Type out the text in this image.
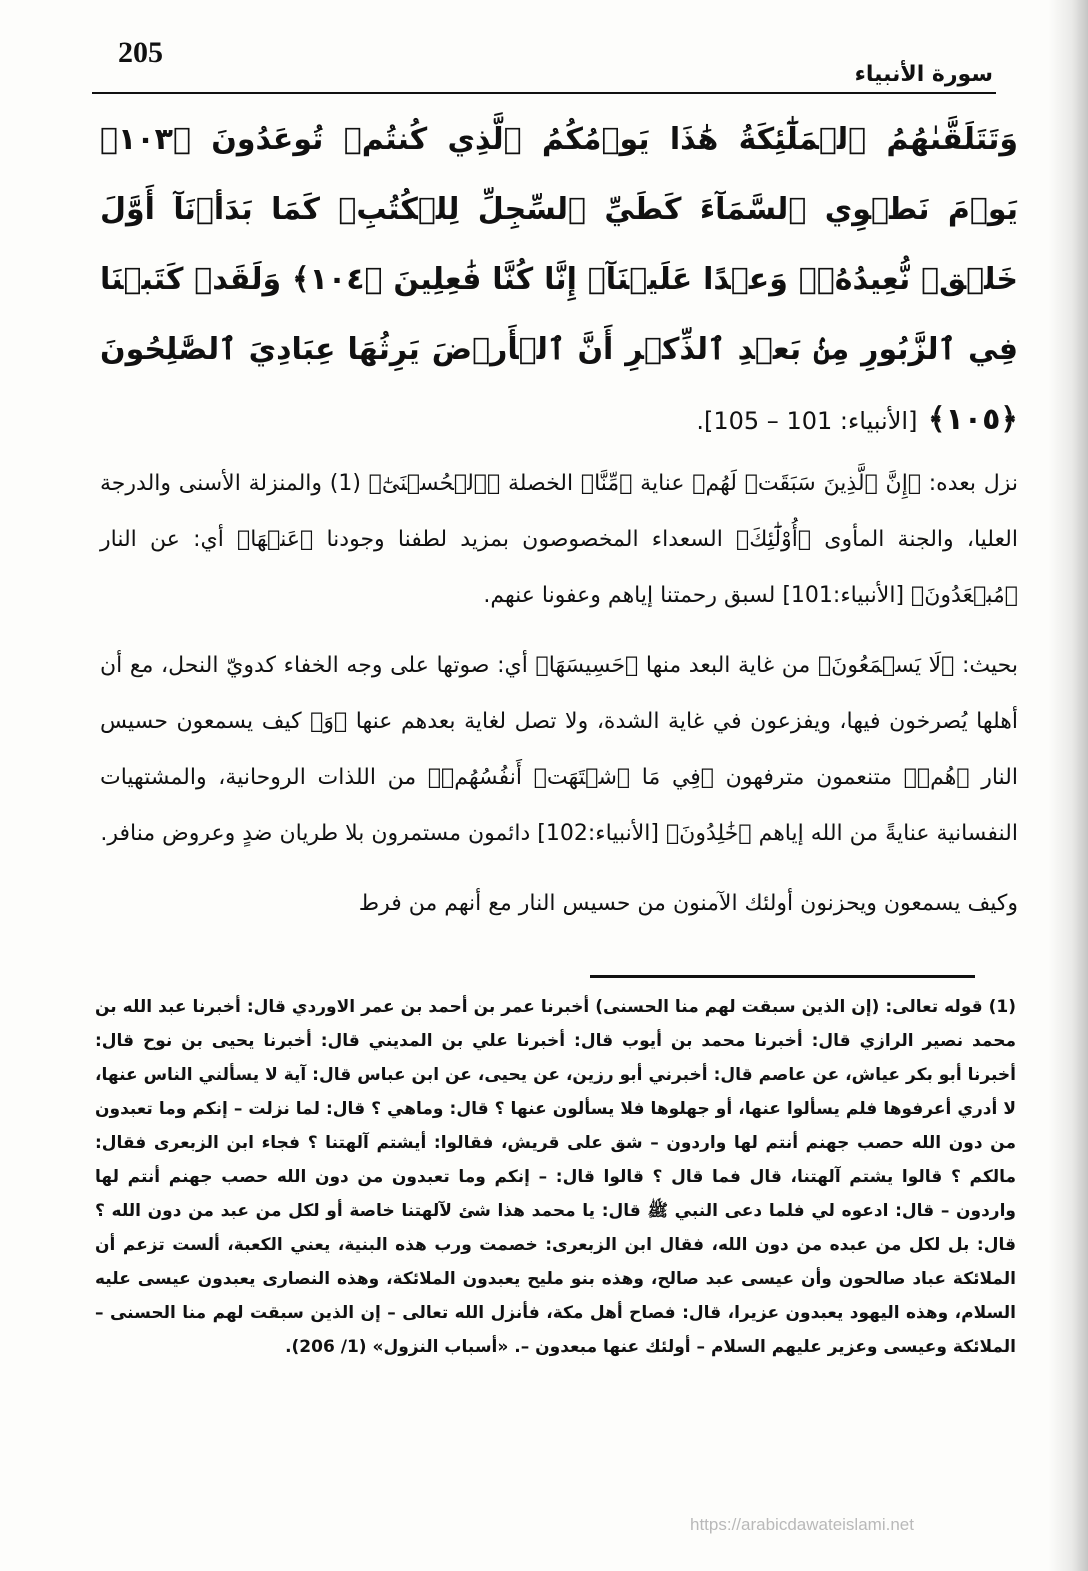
205
سورة الأنبياء
وَتَتَلَقَّىٰهُمُ ٱلۡمَلَٰٓئِكَةُ هَٰذَا يَوۡمُكُمُ ٱلَّذِي كُنتُمۡ تُوعَدُونَ ﴿١٠٣﴾ يَوۡمَ نَطۡوِي ٱلسَّمَآءَ كَطَيِّ ٱلسِّجِلِّ لِلۡكُتُبِۚ كَمَا بَدَأۡنَآ أَوَّلَ خَلۡقٖ نُّعِيدُهُۥۚ وَعۡدًا عَلَيۡنَآۚ إِنَّا كُنَّا فَٰعِلِينَ ﴿١٠٤﴾ وَلَقَدۡ كَتَبۡنَا فِي ٱلزَّبُورِ مِنۢ بَعۡدِ ٱلذِّكۡرِ أَنَّ ٱلۡأَرۡضَ يَرِثُهَا عِبَادِيَ ٱلصَّٰلِحُونَ ﴿١٠٥﴾ [الأنبياء: 101 – 105].

نزل بعده: ﴿إِنَّ ٱلَّذِينَ سَبَقَتۡ لَهُم﴾ عناية ﴿مِّنَّا﴾ الخصلة ﴿ٱلۡحُسۡنَىٰٓ﴾ (1) والمنزلة الأسنى والدرجة العليا، والجنة المأوى ﴿أُوْلَٰٓئِكَ﴾ السعداء المخصوصون بمزيد لطفنا وجودنا ﴿عَنۡهَا﴾ أي: عن النار ﴿مُبۡعَدُونَ﴾ [الأنبياء:101] لسبق رحمتنا إياهم وعفونا عنهم.

بحيث: ﴿لَا يَسۡمَعُونَ﴾ من غاية البعد منها ﴿حَسِيسَهَا﴾ أي: صوتها على وجه الخفاء كدويّ النحل، مع أن أهلها يُصرخون فيها، ويفزعون في غاية الشدة، ولا تصل لغاية بعدهم عنها ﴿وَ﴾ كيف يسمعون حسيس النار ﴿هُمۡ﴾ متنعمون مترفهون ﴿فِي مَا ٱشۡتَهَتۡ أَنفُسُهُمۡ﴾ من اللذات الروحانية، والمشتهيات النفسانية عنايةً من الله إياهم ﴿خَٰلِدُونَ﴾ [الأنبياء:102] دائمون مستمرون بلا طريان ضدٍ وعروض منافر.

وكيف يسمعون ويحزنون أولئك الآمنون من حسيس النار مع أنهم من فرط

(1) قوله تعالى: (إن الذين سبقت لهم منا الحسنى) أخبرنا عمر بن أحمد بن عمر الاوردي قال: أخبرنا عبد الله بن محمد نصير الرازي قال: أخبرنا محمد بن أيوب قال: أخبرنا علي بن المديني قال: أخبرنا يحيى بن نوح قال: أخبرنا أبو بكر عياش، عن عاصم قال: أخبرني أبو رزين، عن يحيى، عن ابن عباس قال: آية لا يسألني الناس عنها، لا أدري أعرفوها فلم يسألوا عنها، أو جهلوها فلا يسألون عنها ؟ قال: وماهي ؟ قال: لما نزلت – إنكم وما تعبدون من دون الله حصب جهنم أنتم لها واردون – شق على قريش، فقالوا: أيشتم آلهتنا ؟ فجاء ابن الزبعرى فقال: مالكم ؟ قالوا يشتم آلهتنا، قال فما قال ؟ قالوا قال: – إنكم وما تعبدون من دون الله حصب جهنم أنتم لها واردون – قال: ادعوه لي فلما دعى النبي ﷺ قال: يا محمد هذا شئ لآلهتنا خاصة أو لكل من عبد من دون الله ؟ قال: بل لكل من عبده من دون الله، فقال ابن الزبعرى: خصمت ورب هذه البنية، يعني الكعبة، ألست تزعم أن الملائكة عباد صالحون وأن عيسى عبد صالح، وهذه بنو مليح يعبدون الملائكة، وهذه النصارى يعبدون عيسى عليه السلام، وهذه اليهود يعبدون عزيرا، قال: فصاح أهل مكة، فأنزل الله تعالى – إن الذين سبقت لهم منا الحسنى – الملائكة وعيسى وعزير عليهم السلام – أولئك عنها مبعدون –. «أسباب النزول» (1/ 206).
https://arabicdawateislami.net
